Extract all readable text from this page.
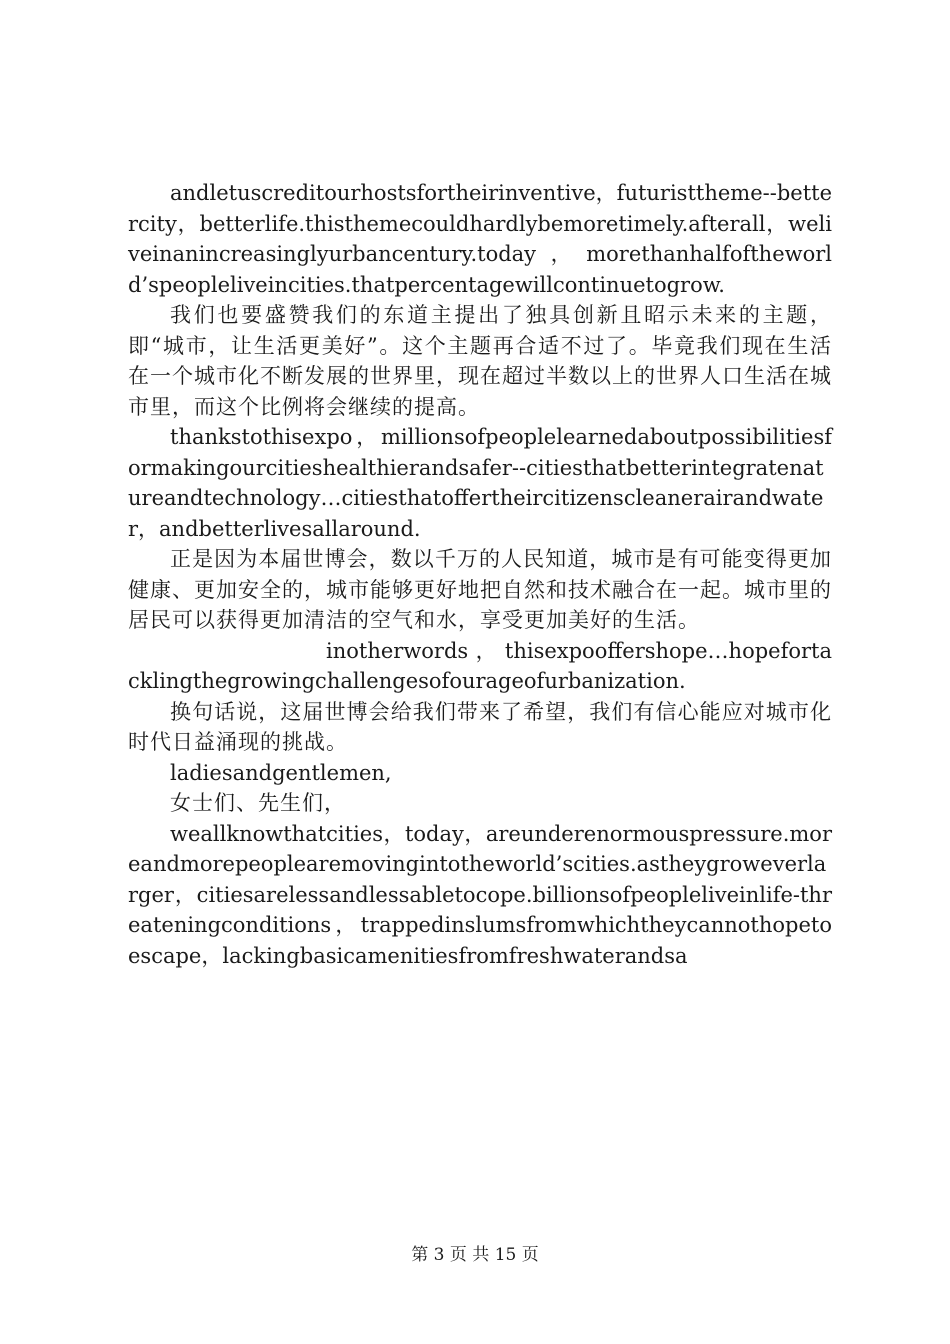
andletuscreditourhostsfortheirinventive，futuristtheme--bettercity，betterlife.thisthemecouldhardlybemoretimely.afterall，weliveinanincreasinglyurbancentury.today，morethanhalfoftheworld’speopleliveincities.thatpercentagewillcontinuetogrow.

我们也要盛赞我们的东道主提出了独具创新且昭示未来的主题，即“城市，让生活更美好”。这个主题再合适不过了。毕竟我们现在生活在一个城市化不断发展的世界里，现在超过半数以上的世界人口生活在城市里，而这个比例将会继续的提高。

thankstothisexpo，millionsofpeoplelearnedaboutpossibilitiesformakingourcitieshealthierandsafer--citiesthatbetterintegratenatureandtechnology…citiesthatoffertheircitizenscleanerairandwater，andbetterlivesallaround.

正是因为本届世博会，数以千万的人民知道，城市是有可能变得更加健康、更加安全的，城市能够更好地把自然和技术融合在一起。城市里的居民可以获得更加清洁的空气和水，享受更加美好的生活。

inotherwords ， thisexpooffershope…hopefortacklingthegrowingchallengesofourageofurbanization.

换句话说，这届世博会给我们带来了希望，我们有信心能应对城市化时代日益涌现的挑战。

ladiesandgentlemen,

女士们、先生们，

weallknowthatcities，today，areunderenormouspressure.moreandmorepeoplearemovingintotheworld’scities.astheygroweverlarger，citiesarelessandlessabletocope.billionsofpeopleliveinlife-threateningconditions，trappedinslumsfromwhichtheycannothopetoescape，lackingbasicamenitiesfromfreshwaterandsa

第 3 页 共 15 页
